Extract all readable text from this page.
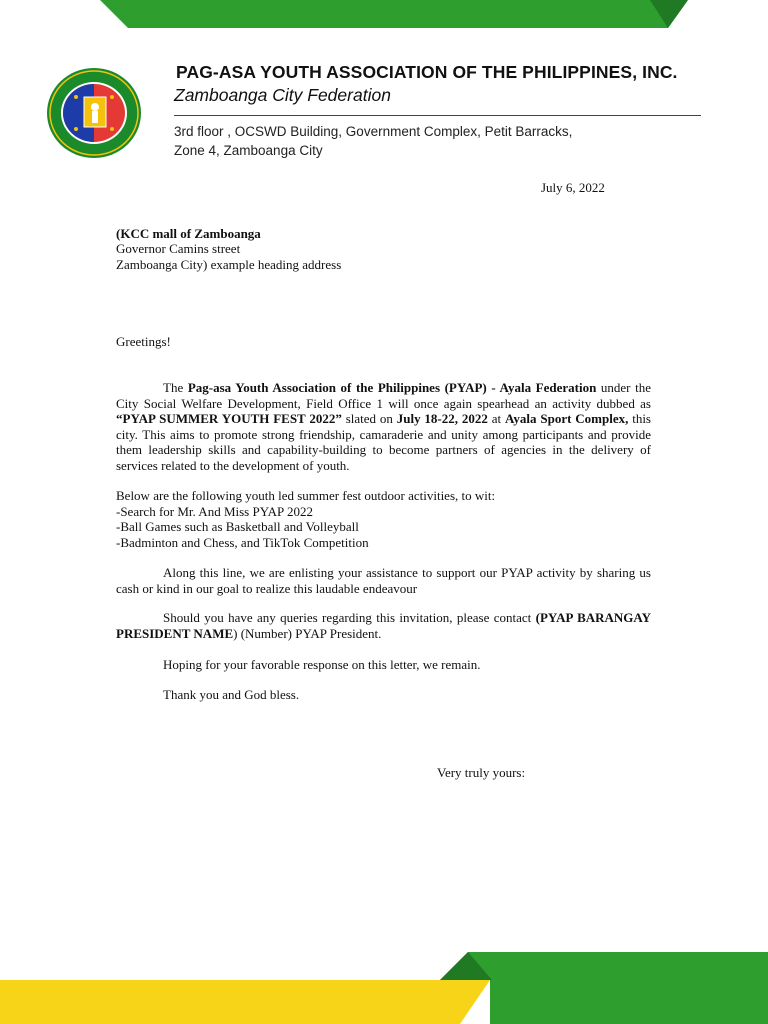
PAG-ASA YOUTH ASSOCIATION OF THE PHILIPPINES, INC.
Zamboanga City Federation
3rd floor , OCSWD Building, Government Complex, Petit Barracks,
Zone 4, Zamboanga City
July 6, 2022
(KCC mall of Zamboanga
Governor Camins street
Zamboanga City) example heading address
Greetings!

The Pag-asa Youth Association of the Philippines (PYAP) - Ayala Federation under the City Social Welfare Development, Field Office 1 will once again spearhead an activity dubbed as “PYAP SUMMER YOUTH FEST 2022” slated on July 18-22, 2022 at Ayala Sport Complex, this city. This aims to promote strong friendship, camaraderie and unity among participants and provide them leadership skills and capability-building to become partners of agencies in the delivery of services related to the development of youth.

Below are the following youth led summer fest outdoor activities, to wit:
-Search for Mr. And Miss PYAP 2022
-Ball Games such as Basketball and Volleyball
-Badminton and Chess, and TikTok Competition

Along this line, we are enlisting your assistance to support our PYAP activity by sharing us cash or kind in our goal to realize this laudable endeavour

Should you have any queries regarding this invitation, please contact (PYAP BARANGAY PRESIDENT NAME) (Number) PYAP President.

Hoping for your favorable response on this letter, we remain.
Thank you and God bless.
Very truly yours:
